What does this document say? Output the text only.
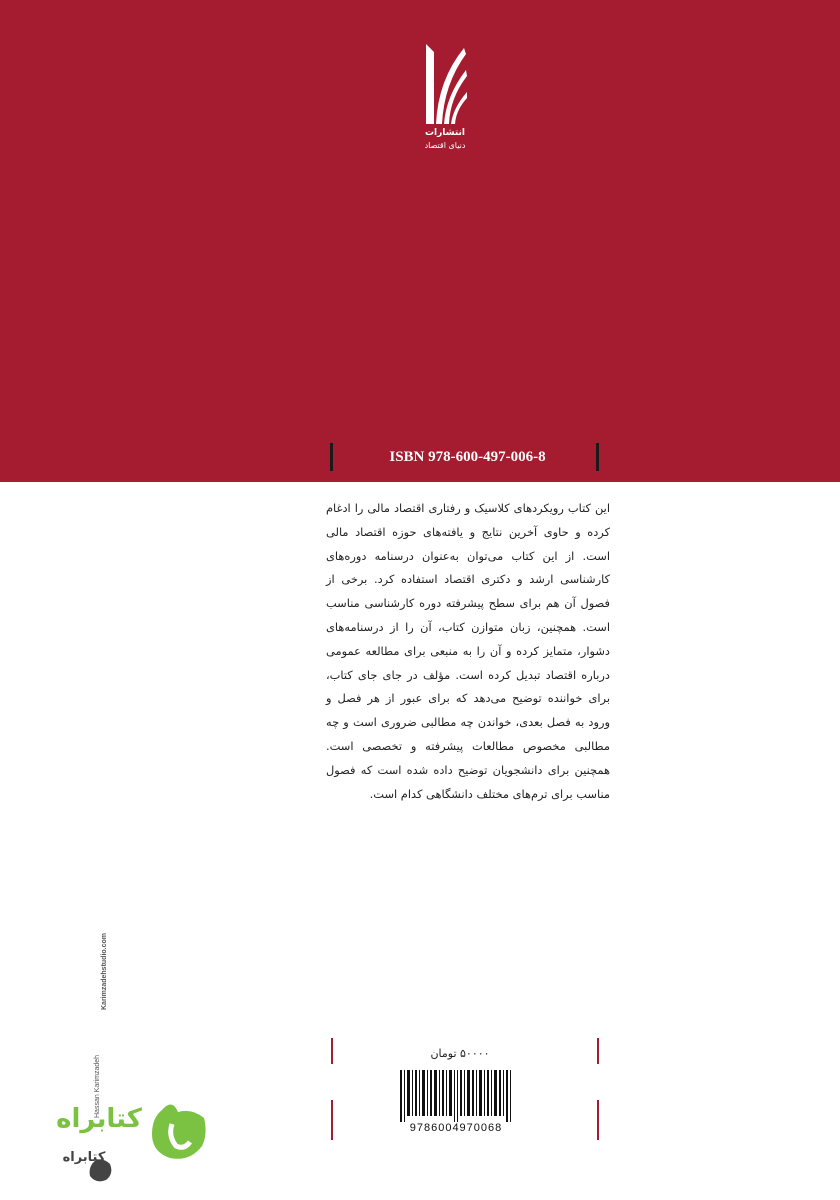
انتشارات
دنیای اقتصاد
ISBN 978-600-497-006-8
این کتاب رویکردهای کلاسیک و رفتاری اقتصاد مالی را ادغام کرده و حاوی آخرین نتایج و یافته‌های حوزه اقتصاد مالی است. از این کتاب می‌توان به‌عنوان درسنامه دوره‌های کارشناسی ارشد و دکتری اقتصاد استفاده کرد. برخی از فصول آن هم برای سطح پیشرفته دوره کارشناسی مناسب است. همچنین، زبان متوازن کتاب، آن را از درسنامه‌های دشوار، متمایز کرده و آن را به منبعی برای مطالعه عمومی درباره اقتصاد تبدیل کرده است. مؤلف در جای جای کتاب، برای خواننده توضیح می‌دهد که برای عبور از هر فصل و ورود به فصل بعدی، خواندن چه مطالبی ضروری است و چه مطالبی مخصوص مطالعات پیشرفته و تخصصی است. همچنین برای دانشجویان توضیح داده شده است که فصول مناسب برای ترم‌های مختلف دانشگاهی کدام است.
۵۰۰۰۰ تومان
9786004970068
Hassan Karimzadeh
Karimzadehstudio.com
کتابراه
کتابراه
